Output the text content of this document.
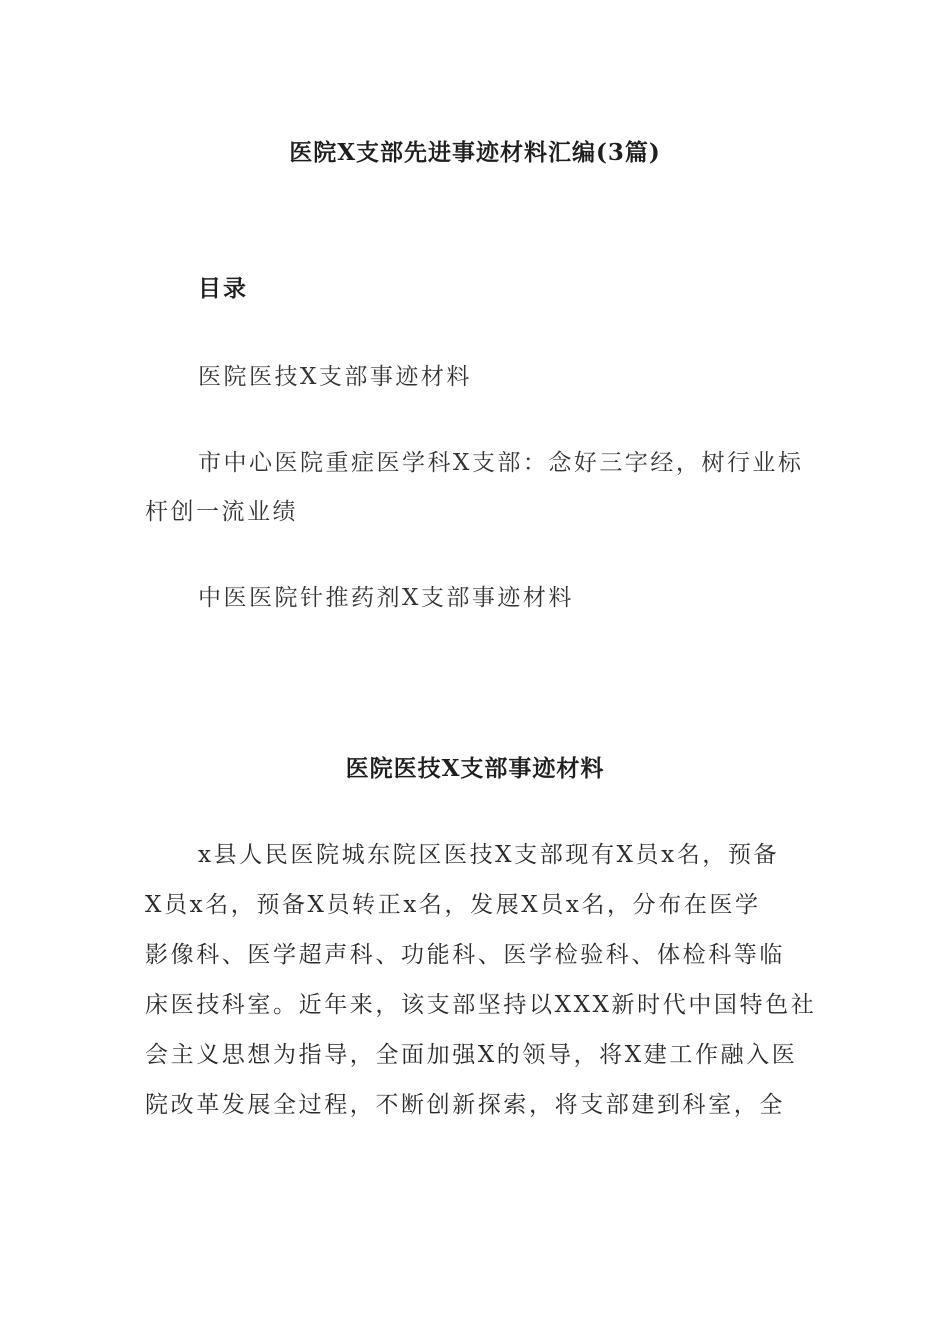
医院X支部先进事迹材料汇编(3篇)
目录
医院医技X支部事迹材料
市中心医院重症医学科X支部：念好三字经，树行业标
杆创一流业绩
中医医院针推药剂X支部事迹材料
医院医技X支部事迹材料
x县人民医院城东院区医技X支部现有X员x名，预备
X员x名，预备X员转正x名，发展X员x名，分布在医学
影像科、医学超声科、功能科、医学检验科、体检科等临
床医技科室。近年来，该支部坚持以XXX新时代中国特色社
会主义思想为指导，全面加强X的领导，将X建工作融入医
院改革发展全过程，不断创新探索，将支部建到科室，全
